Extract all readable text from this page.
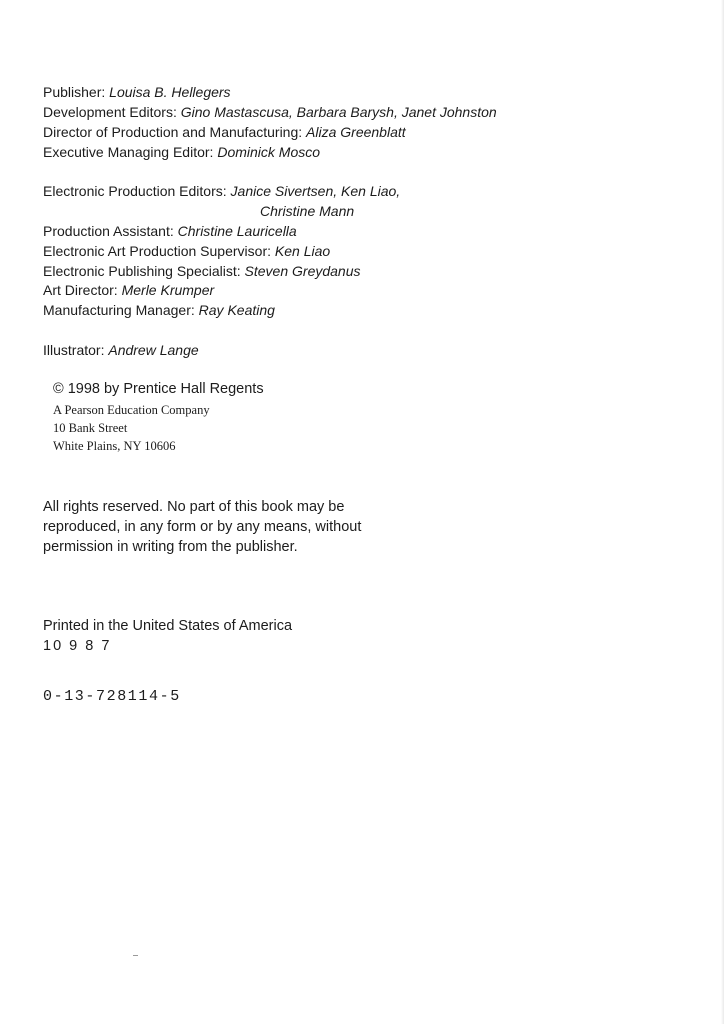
Publisher: Louisa B. Hellegers
Development Editors: Gino Mastascusa, Barbara Barysh, Janet Johnston
Director of Production and Manufacturing: Aliza Greenblatt
Executive Managing Editor: Dominick Mosco
Electronic Production Editors: Janice Sivertsen, Ken Liao,
Christine Mann
Production Assistant: Christine Lauricella
Electronic Art Production Supervisor: Ken Liao
Electronic Publishing Specialist: Steven Greydanus
Art Director: Merle Krumper
Manufacturing Manager: Ray Keating
Illustrator: Andrew Lange
© 1998 by Prentice Hall Regents
A Pearson Education Company
10 Bank Street
White Plains, NY 10606
All rights reserved. No part of this book may be
reproduced, in any form or by any means, without
permission in writing from the publisher.
Printed in the United States of America
10 9 8 7
0-13-728114-5
